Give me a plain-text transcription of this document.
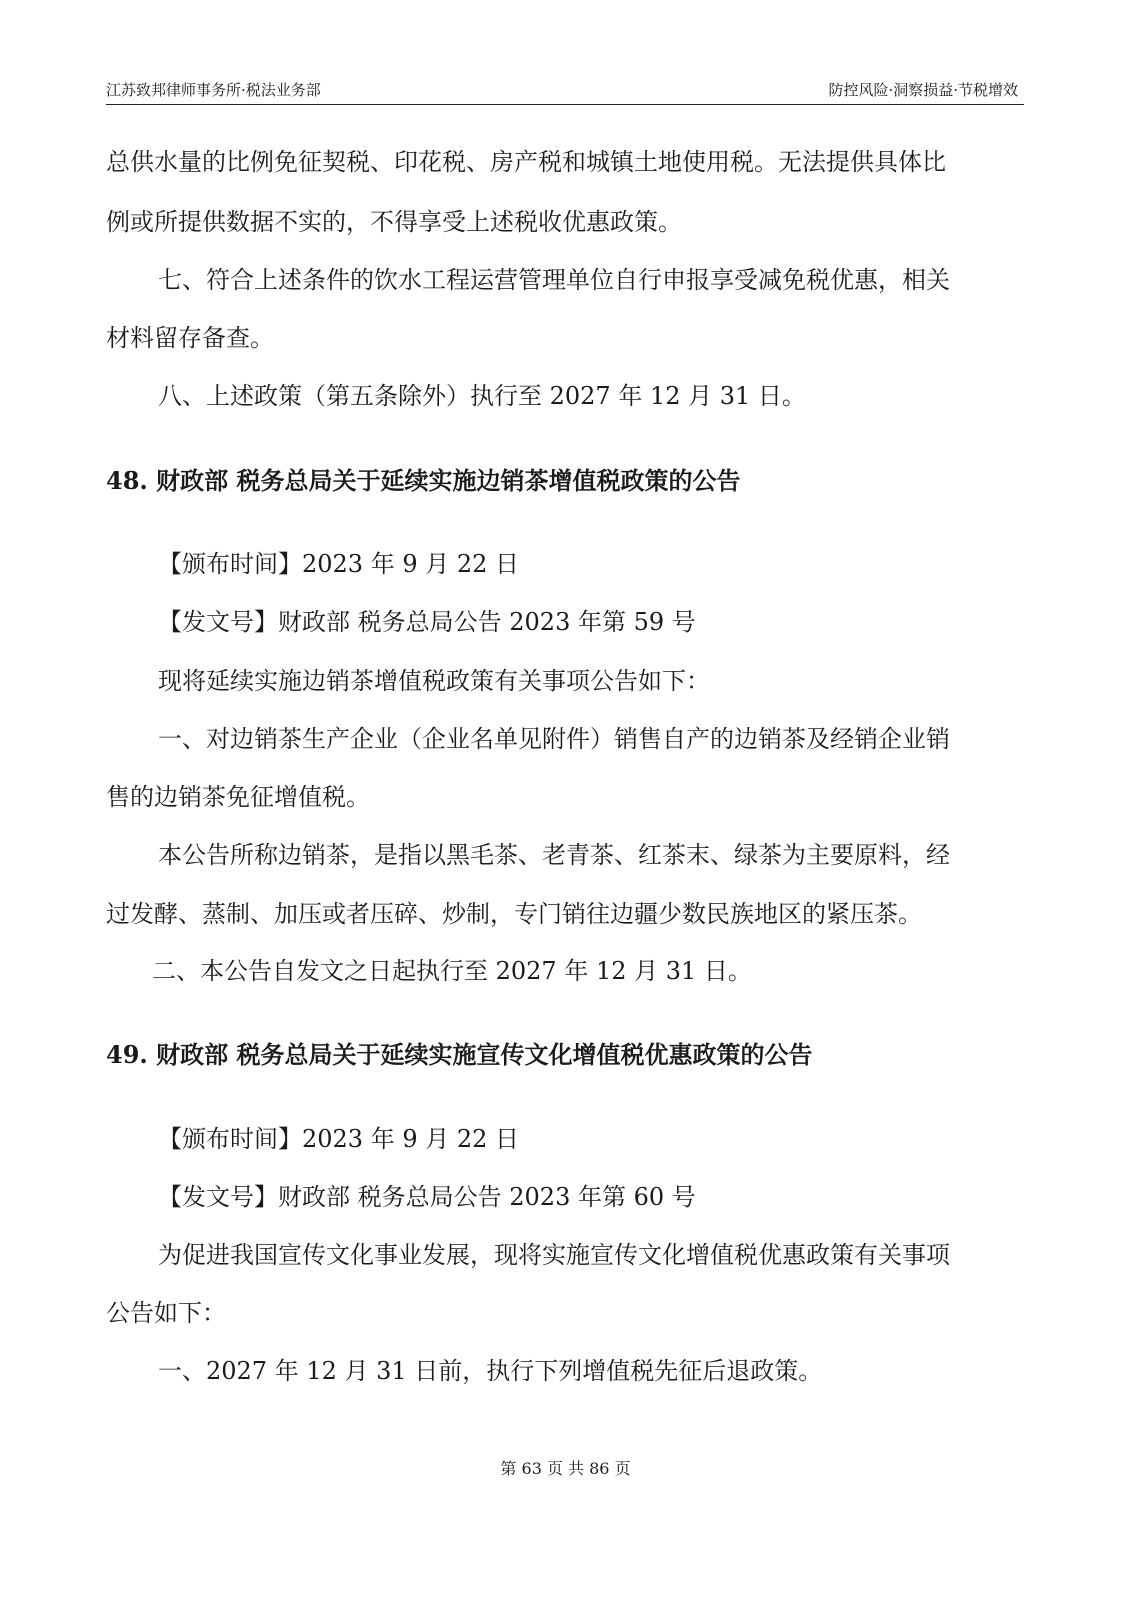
江苏致邦律师事务所·税法业务部	防控风险·洞察损益·节税增效
总供水量的比例免征契税、印花税、房产税和城镇土地使用税。无法提供具体比
例或所提供数据不实的，不得享受上述税收优惠政策。
七、符合上述条件的饮水工程运营管理单位自行申报享受减免税优惠，相关
材料留存备查。
八、上述政策（第五条除外）执行至 2027 年 12 月 31 日。
48. 财政部 税务总局关于延续实施边销茶增值税政策的公告
【颁布时间】2023 年 9 月 22 日
【发文号】财政部 税务总局公告 2023 年第 59 号
现将延续实施边销茶增值税政策有关事项公告如下：
一、对边销茶生产企业（企业名单见附件）销售自产的边销茶及经销企业销
售的边销茶免征增值税。
本公告所称边销茶，是指以黑毛茶、老青茶、红茶末、绿茶为主要原料，经
过发酵、蒸制、加压或者压碎、炒制，专门销往边疆少数民族地区的紧压茶。
二、本公告自发文之日起执行至 2027 年 12 月 31 日。
49. 财政部 税务总局关于延续实施宣传文化增值税优惠政策的公告
【颁布时间】2023 年 9 月 22 日
【发文号】财政部 税务总局公告 2023 年第 60 号
为促进我国宣传文化事业发展，现将实施宣传文化增值税优惠政策有关事项
公告如下：
一、2027 年 12 月 31 日前，执行下列增值税先征后退政策。
第 63 页 共 86 页
